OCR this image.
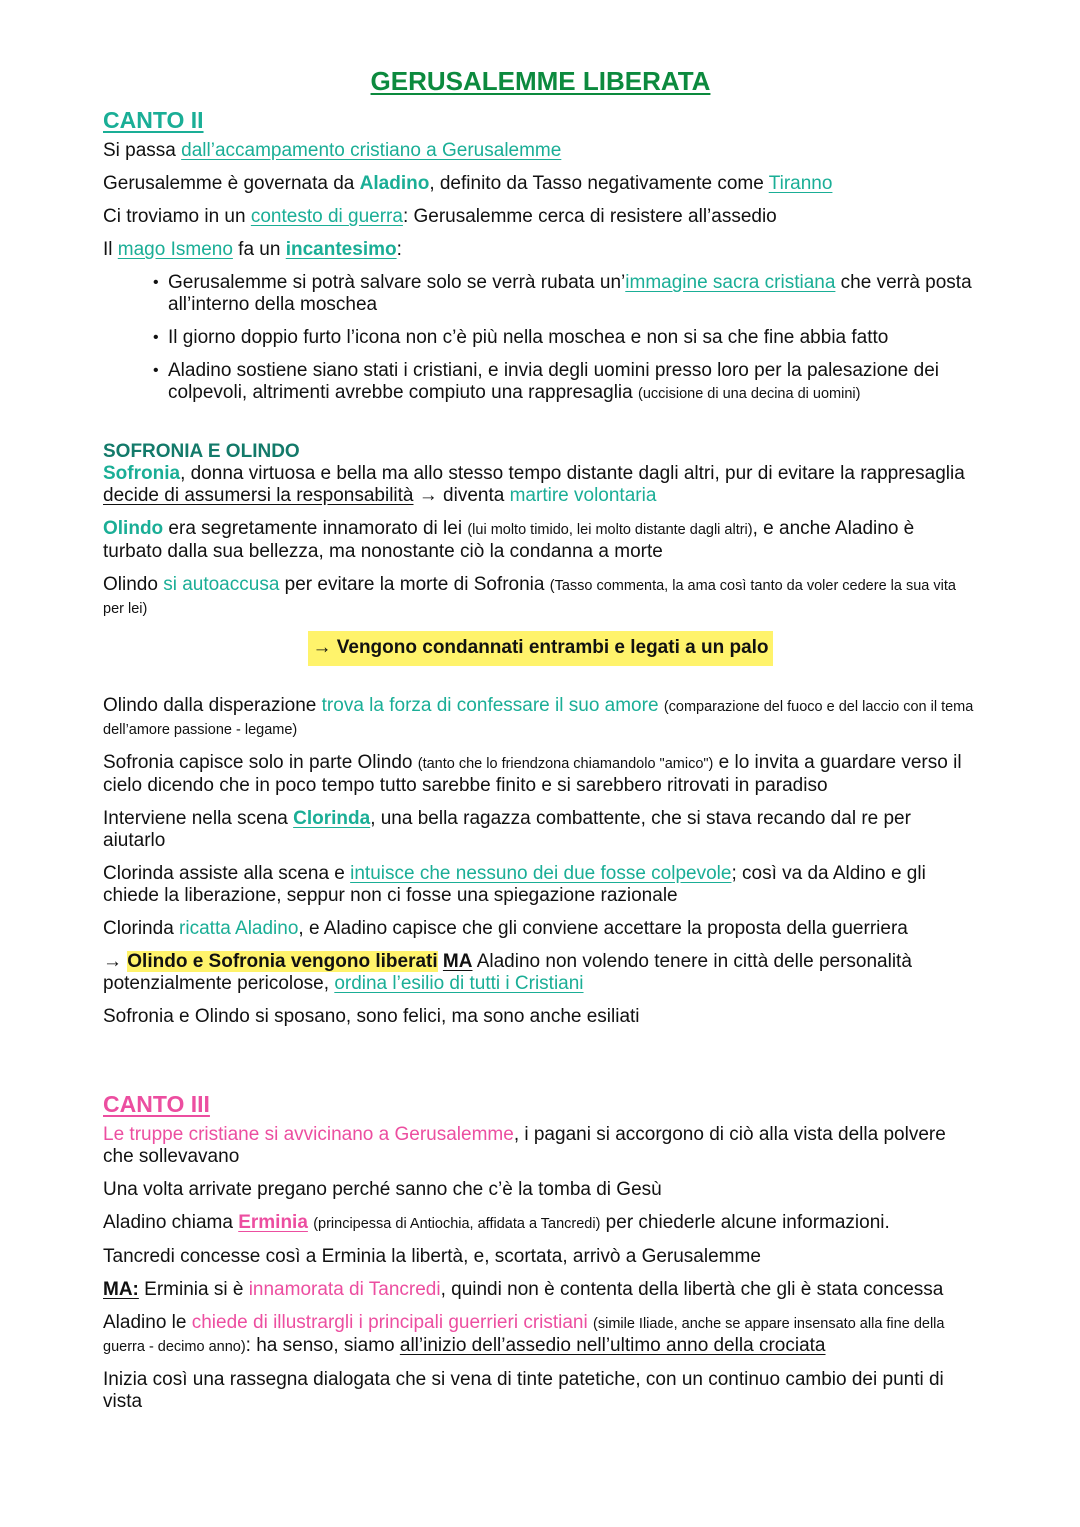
GERUSALEMME LIBERATA
CANTO II

Si passa dall’accampamento cristiano a Gerusalemme

Gerusalemme è governata da Aladino, definito da Tasso negativamente come Tiranno

Ci troviamo in un contesto di guerra: Gerusalemme cerca di resistere all’assedio

Il mago Ismeno fa un incantesimo:

• Gerusalemme si potrà salvare solo se verrà rubata un’immagine sacra cristiana che verrà posta all’interno della moschea
• Il giorno doppio furto l’icona non c’è più nella moschea e non si sa che fine abbia fatto
• Aladino sostiene siano stati i cristiani, e invia degli uomini presso loro per la palesazione dei colpevoli, altrimenti avrebbe compiuto una rappresaglia (uccisione di una decina di uomini)
SOFRONIA E OLINDO

Sofronia, donna virtuosa e bella ma allo stesso tempo distante dagli altri, pur di evitare la rappresaglia decide di assumersi la responsabilità → diventa martire volontaria

Olindo era segretamente innamorato di lei (lui molto timido, lei molto distante dagli altri), e anche Aladino è turbato dalla sua bellezza, ma nonostante ciò la condanna a morte

Olindo si autoaccusa per evitare la morte di Sofronia (Tasso commenta, la ama così tanto da voler cedere la sua vita per lei)

→ Vengono condannati entrambi e legati a un palo

Olindo dalla disperazione trova la forza di confessare il suo amore (comparazione del fuoco e del laccio con il tema dell’amore passione - legame)

Sofronia capisce solo in parte Olindo (tanto che lo friendzona chiamandolo "amico") e lo invita a guardare verso il cielo dicendo che in poco tempo tutto sarebbe finito e si sarebbero ritrovati in paradiso

Interviene nella scena Clorinda, una bella ragazza combattente, che si stava recando dal re per aiutarlo

Clorinda assiste alla scena e intuisce che nessuno dei due fosse colpevole; così va da Aldino e gli chiede la liberazione, seppur non ci fosse una spiegazione razionale

Clorinda ricatta Aladino, e Aladino capisce che gli conviene accettare la proposta della guerriera

→ Olindo e Sofronia vengono liberati MA Aladino non volendo tenere in città delle personalità potenzialmente pericolose, ordina l’esilio di tutti i Cristiani

Sofronia e Olindo si sposano, sono felici, ma sono anche esiliati

CANTO III

Le truppe cristiane si avvicinano a Gerusalemme, i pagani si accorgono di ciò alla vista della polvere che sollevavano

Una volta arrivate pregano perché sanno che c’è la tomba di Gesù

Aladino chiama Erminia (principessa di Antiochia, affidata a Tancredi) per chiederle alcune informazioni.

Tancredi concesse così a Erminia la libertà, e, scortata, arrivò a Gerusalemme

MA: Erminia si è innamorata di Tancredi, quindi non è contenta della libertà che gli è stata concessa

Aladino le chiede di illustrargli i principali guerrieri cristiani (simile Iliade, anche se appare insensato alla fine della guerra - decimo anno): ha senso, siamo all’inizio dell’assedio nell’ultimo anno della crociata

Inizia così una rassegna dialogata che si vena di tinte patetiche, con un continuo cambio dei punti di vista
